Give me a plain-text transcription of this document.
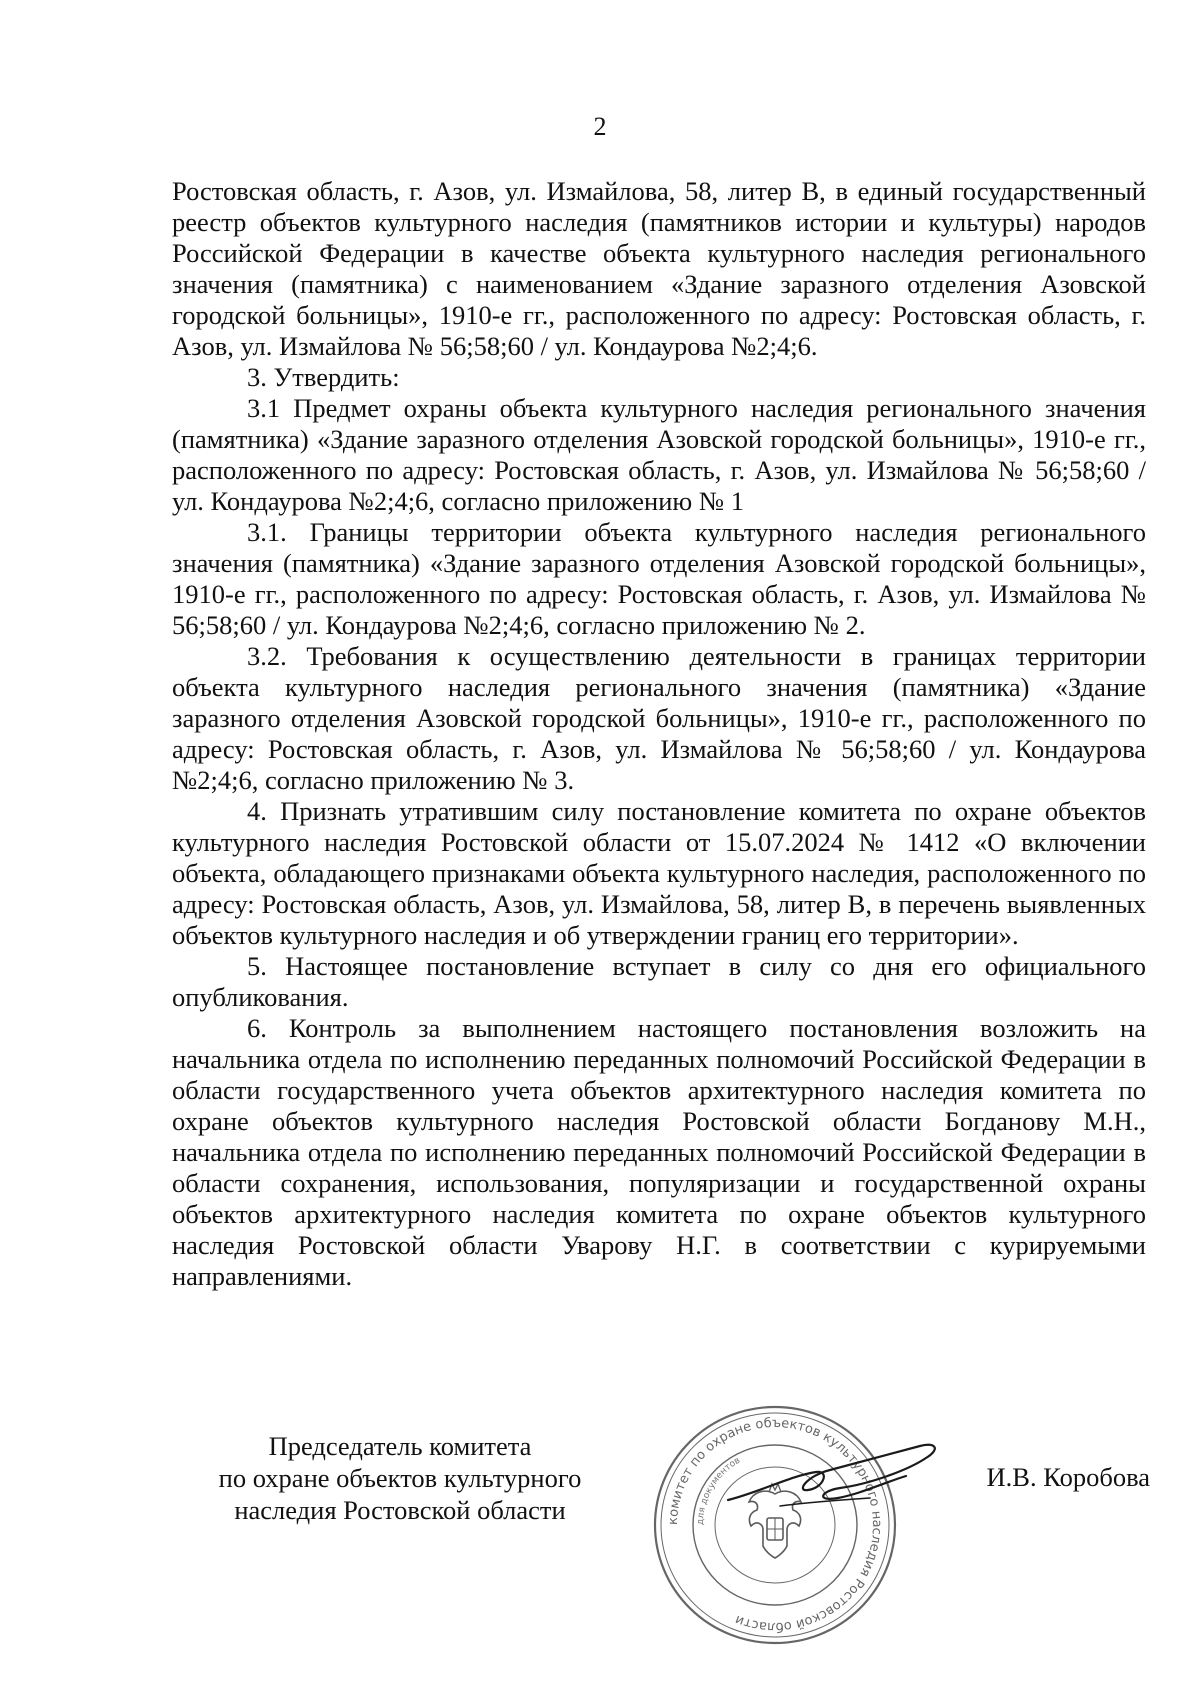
2

Ростовская область, г. Азов, ул. Измайлова, 58, литер В, в единый государственный реестр объектов культурного наследия (памятников истории и культуры) народов Российской Федерации в качестве объекта культурного наследия регионального значения (памятника) с наименованием «Здание заразного отделения Азовской городской больницы», 1910-е гг., расположенного по адресу: Ростовская область, г. Азов, ул. Измайлова № 56;58;60 / ул. Кондаурова №2;4;6.

3. Утвердить:

3.1 Предмет охраны объекта культурного наследия регионального значения (памятника) «Здание заразного отделения Азовской городской больницы», 1910-е гг., расположенного по адресу: Ростовская область, г. Азов, ул. Измайлова № 56;58;60 / ул. Кондаурова №2;4;6, согласно приложению № 1

3.1. Границы территории объекта культурного наследия регионального значения (памятника) «Здание заразного отделения Азовской городской больницы», 1910-е гг., расположенного по адресу: Ростовская область, г. Азов, ул. Измайлова № 56;58;60 / ул. Кондаурова №2;4;6, согласно приложению № 2.

3.2. Требования к осуществлению деятельности в границах территории объекта культурного наследия регионального значения (памятника) «Здание заразного отделения Азовской городской больницы», 1910-е гг., расположенного по адресу: Ростовская область, г. Азов, ул. Измайлова № 56;58;60 / ул. Кондаурова №2;4;6, согласно приложению № 3.

4. Признать утратившим силу постановление комитета по охране объектов культурного наследия Ростовской области от 15.07.2024 № 1412 «О включении объекта, обладающего признаками объекта культурного наследия, расположенного по адресу: Ростовская область, Азов, ул. Измайлова, 58, литер В, в перечень выявленных объектов культурного наследия и об утверждении границ его территории».

5. Настоящее постановление вступает в силу со дня его официального опубликования.

6. Контроль за выполнением настоящего постановления возложить на начальника отдела по исполнению переданных полномочий Российской Федерации в области государственного учета объектов архитектурного наследия комитета по охране объектов культурного наследия Ростовской области Богданову М.Н., начальника отдела по исполнению переданных полномочий Российской Федерации в области сохранения, использования, популяризации и государственной охраны объектов архитектурного наследия комитета по охране объектов культурного наследия Ростовской области Уварову Н.Г. в соответствии с курируемыми направлениями.

Председатель комитета
по охране объектов культурного
наследия Ростовской области	комитет по охране объектов культурного наследия Ростовской области
для документов
И.В. Коробова
